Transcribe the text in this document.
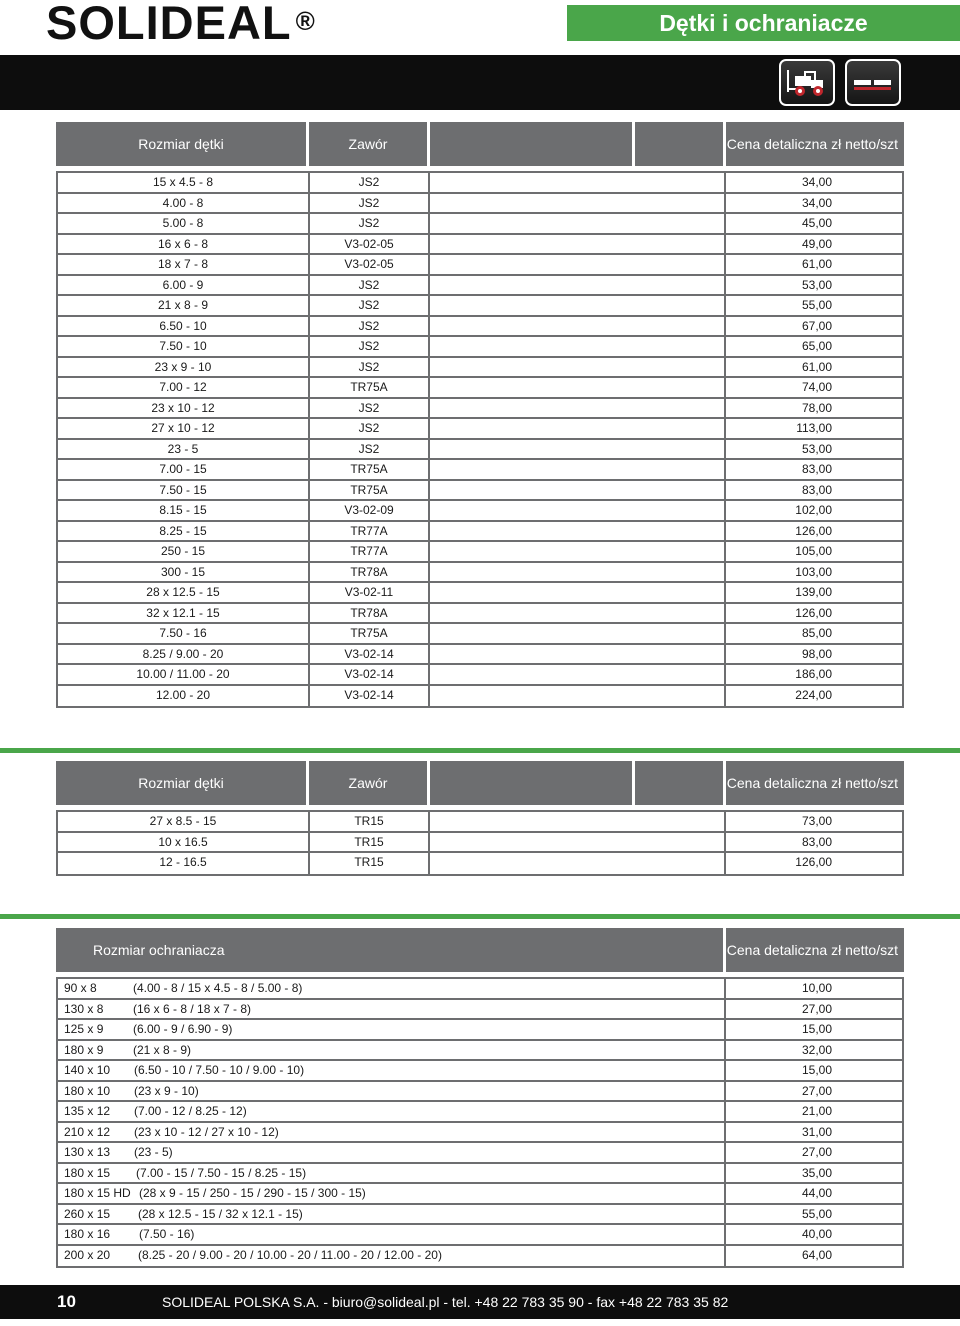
SOLIDEAL ®	Dętki i ochraniacze
Rozmiar dętki	Zawór	Cena detaliczna zł netto/szt
15 x 4.5 - 8	JS2	34,00
4.00 - 8	JS2	34,00
5.00 - 8	JS2	45,00
16 x 6 - 8	V3-02-05	49,00
18 x 7 - 8	V3-02-05	61,00
6.00 - 9	JS2	53,00
21 x 8 - 9	JS2	55,00
6.50 - 10	JS2	67,00
7.50 - 10	JS2	65,00
23 x 9 - 10	JS2	61,00
7.00 - 12	TR75A	74,00
23 x 10 - 12	JS2	78,00
27 x 10 - 12	JS2	113,00
23 - 5	JS2	53,00
7.00 - 15	TR75A	83,00
7.50 - 15	TR75A	83,00
8.15 - 15	V3-02-09	102,00
8.25 - 15	TR77A	126,00
250 - 15	TR77A	105,00
300 - 15	TR78A	103,00
28 x 12.5 - 15	V3-02-11	139,00
32 x 12.1 - 15	TR78A	126,00
7.50 - 16	TR75A	85,00
8.25 / 9.00 - 20	V3-02-14	98,00
10.00 / 11.00 - 20	V3-02-14	186,00
12.00 - 20	V3-02-14	224,00
Rozmiar dętki	Zawór	Cena detaliczna zł netto/szt
27 x 8.5 - 15	TR15	73,00
10 x 16.5	TR15	83,00
12 - 16.5	TR15	126,00
Rozmiar ochraniacza	Cena detaliczna zł netto/szt
90 x 8	(4.00 - 8 / 15 x 4.5 - 8 / 5.00 - 8)	10,00
130 x 8 (16 x 6 - 8 / 18 x 7 - 8)	27,00
125 x 9 (6.00 - 9 / 6.90 - 9)	15,00
180 x 9 (21 x 8 - 9)	32,00
140 x 10 (6.50 - 10 / 7.50 - 10 / 9.00 - 10)	15,00
180 x 10 (23 x 9 - 10)	27,00
135 x 12 (7.00 - 12 / 8.25 - 12)	21,00
210 x 12 (23 x 10 - 12 / 27 x 10 - 12)	31,00
130 x 13 (23 - 5)	27,00
180 x 15 (7.00 - 15 / 7.50 - 15 / 8.25 - 15)	35,00
180 x 15 HD (28 x 9 - 15 / 250 - 15 / 290 - 15 / 300 - 15)	44,00
260 x 15 (28 x 12.5 - 15 / 32 x 12.1 - 15)	55,00
180 x 16 (7.50 - 16)	40,00
200 x 20 (8.25 - 20 / 9.00 - 20 / 10.00 - 20 / 11.00 - 20 / 12.00 - 20)	64,00
10	SOLIDEAL POLSKA S.A. - biuro@solideal.pl - tel. +48 22 783 35 90 - fax +48 22 783 35 82
